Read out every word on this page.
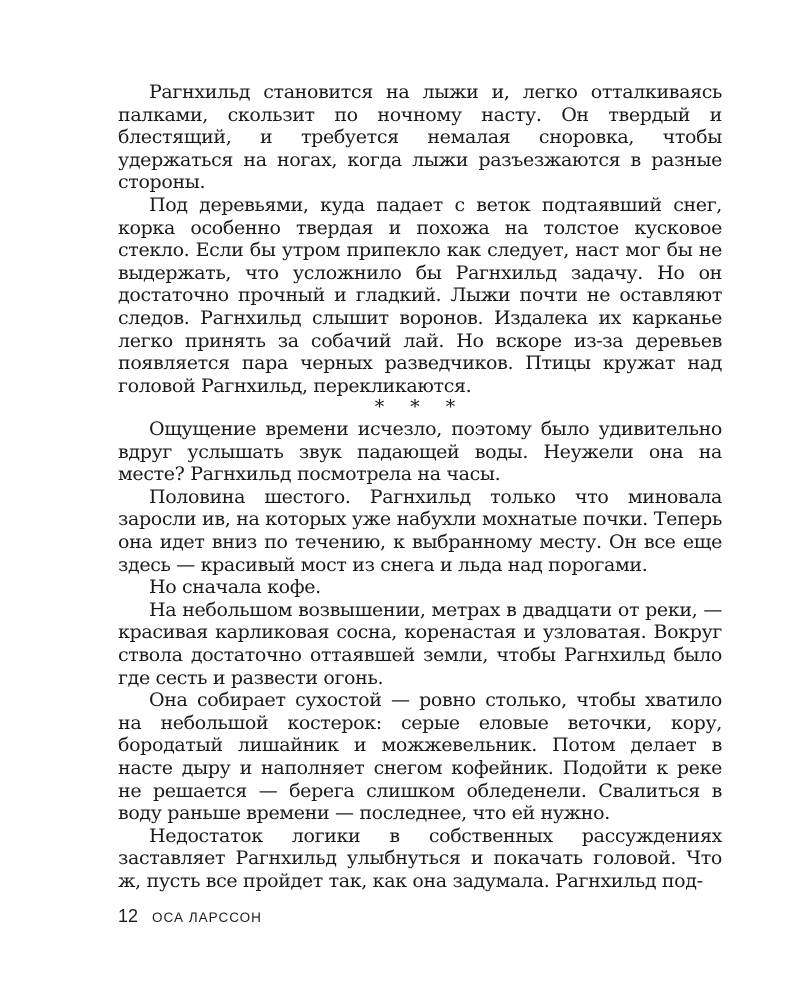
Рагнхильд становится на лыжи и, легко отталкиваясь палками, скользит по ночному насту. Он твердый и блестящий, и требуется немалая сноровка, чтобы удержаться на ногах, когда лыжи разъезжаются в разные стороны.

Под деревьями, куда падает с веток подтаявший снег, корка особенно твердая и похожа на толстое кусковое стекло. Если бы утром припекло как следует, наст мог бы не выдержать, что усложнило бы Рагнхильд задачу. Но он достаточно прочный и гладкий. Лыжи почти не оставляют следов. Рагнхильд слышит воронов. Издалека их карканье легко принять за собачий лай. Но вскоре из-за деревьев появляется пара черных разведчиков. Птицы кружат над головой Рагнхильд, перекликаются.

* * *

Ощущение времени исчезло, поэтому было удивительно вдруг услышать звук падающей воды. Неужели она на месте? Рагнхильд посмотрела на часы.

Половина шестого. Рагнхильд только что миновала заросли ив, на которых уже набухли мохнатые почки. Теперь она идет вниз по течению, к выбранному месту. Он все еще здесь — красивый мост из снега и льда над порогами.

Но сначала кофе.

На небольшом возвышении, метрах в двадцати от реки, — красивая карликовая сосна, коренастая и узловатая. Вокруг ствола достаточно оттаявшей земли, чтобы Рагнхильд было где сесть и развести огонь.

Она собирает сухостой — ровно столько, чтобы хватило на небольшой костерок: серые еловые веточки, кору, бородатый лишайник и можжевельник. Потом делает в насте дыру и наполняет снегом кофейник. Подойти к реке не решается — берега слишком обледенели. Свалиться в воду раньше времени — последнее, что ей нужно.

Недостаток логики в собственных рассуждениях заставляет Рагнхильд улыбнуться и покачать головой. Что ж, пусть все пройдет так, как она задумала. Рагнхильд под-

12 ОСА ЛАРССОН
